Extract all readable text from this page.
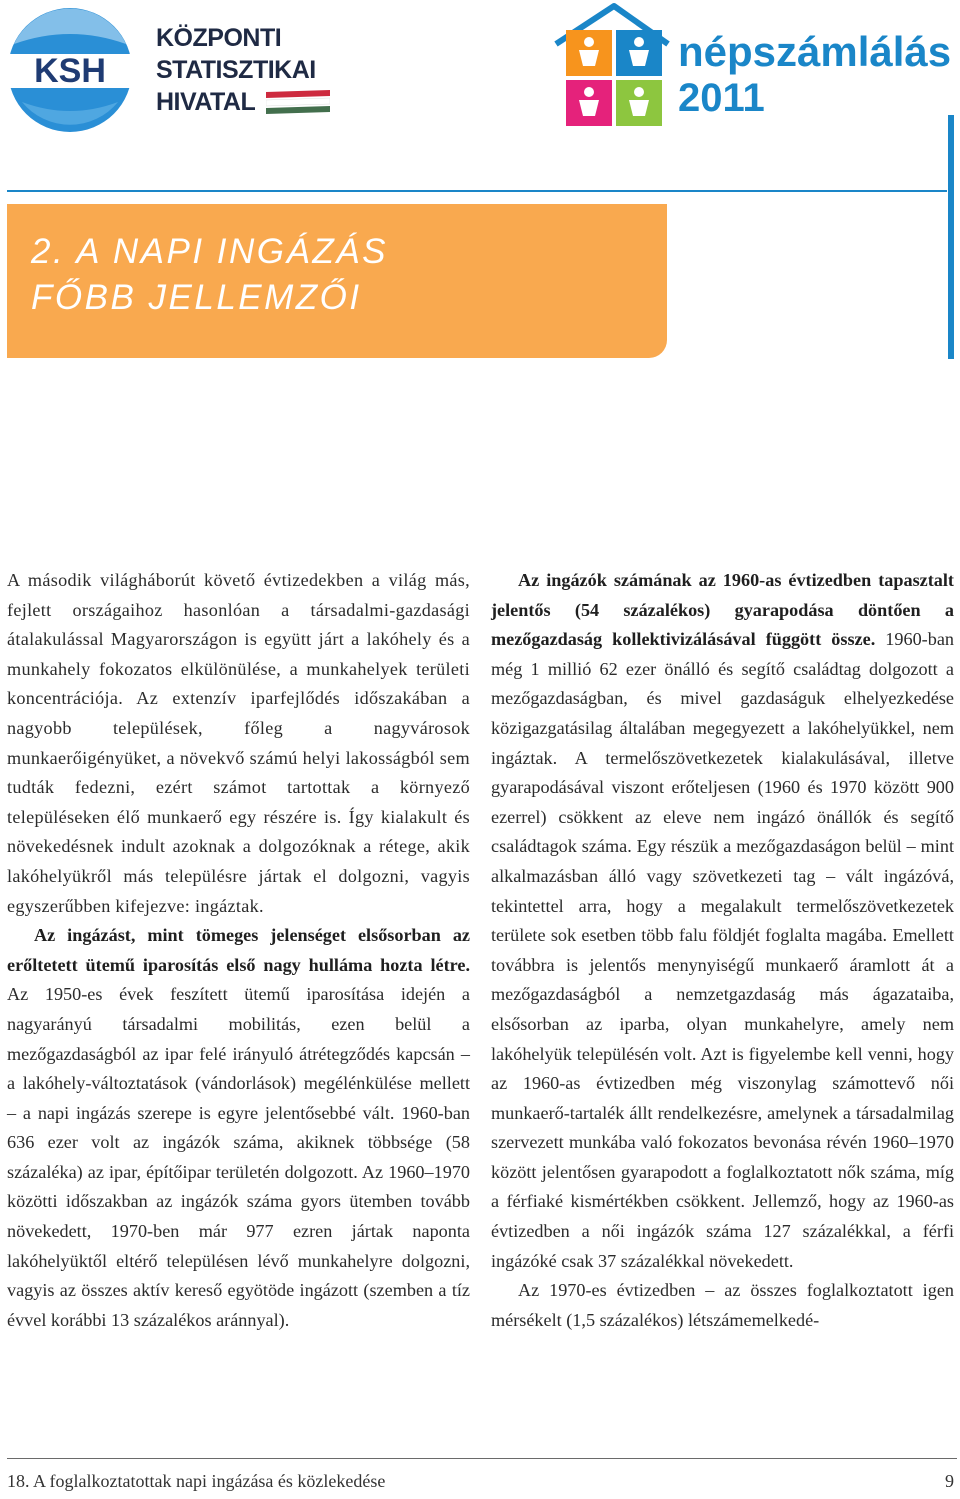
KSH
KÖZPONTI
STATISZTIKAI
HIVATAL
népszámlálás
2011
2. A NAPI INGÁZÁS
FŐBB JELLEMZŐI

A második világháborút követő évtizedekben a világ más, fejlett országaihoz hasonlóan a társadalmi-gazdasági átalakulással Magyarországon is együtt járt a lakóhely és a munkahely fokozatos elkülönülése, a munkahelyek területi koncentrációja. Az extenzív iparfejlődés időszakában a nagyobb települések, főleg a nagyvárosok munkaerőigényüket, a növekvő számú helyi lakosságból sem tudták fedezni, ezért számot tartottak a környező településeken élő munkaerő egy részére is. Így kialakult és növekedésnek indult azoknak a dolgozóknak a rétege, akik lakóhelyükről más településre jártak el dolgozni, vagyis egyszerűbben kifejezve: ingáztak.

Az ingázást, mint tömeges jelenséget elsősorban az erőltetett ütemű iparosítás első nagy hulláma hozta létre. Az 1950-es évek feszített ütemű iparosítása idején a nagyarányú társadalmi mobilitás, ezen belül a mezőgazdaságból az ipar felé irányuló átrétegződés kapcsán – a lakóhely-változtatások (vándorlások) megélénkülése mellett – a napi ingázás szerepe is egyre jelentősebbé vált. 1960-ban 636 ezer volt az ingázók száma, akiknek többsége (58 százaléka) az ipar, építőipar területén dolgozott. Az 1960–1970 közötti időszakban az ingázók száma gyors ütemben tovább növekedett, 1970-ben már 977 ezren jártak naponta lakóhelyüktől eltérő településen lévő munkahelyre dolgozni, vagyis az összes aktív kereső egyötöde ingázott (szemben a tíz évvel korábbi 13 százalékos aránnyal).

Az ingázók számának az 1960-as évtizedben tapasztalt jelentős (54 százalékos) gyarapodása döntően a mezőgazdaság kollektivizálásával függött össze. 1960-ban még 1 millió 62 ezer önálló és segítő családtag dolgozott a mezőgazdaságban, és mivel gazdaságuk elhelyezkedése közigazgatásilag általában megegyezett a lakóhelyükkel, nem ingáztak. A termelőszövetkezetek kialakulásával, illetve gyarapodásával viszont erőteljesen (1960 és 1970 között 900 ezerrel) csökkent az eleve nem ingázó önállók és segítő családtagok száma. Egy részük a mezőgazdaságon belül – mint alkalmazásban álló vagy szövetkezeti tag – vált ingázóvá, tekintettel arra, hogy a megalakult termelőszövetkezetek területe sok esetben több falu földjét foglalta magába. Emellett továbbra is jelentős menynyiségű munkaerő áramlott át a mezőgazdaságból a nemzetgazdaság más ágazataiba, elsősorban az iparba, olyan munkahelyre, amely nem lakóhelyük településén volt. Azt is figyelembe kell venni, hogy az 1960-as évtizedben még viszonylag számottevő női munkaerő-tartalék állt rendelkezésre, amelynek a társadalmilag szervezett munkába való fokozatos bevonása révén 1960–1970 között jelentősen gyarapodott a foglalkoztatott nők száma, míg a férfiaké kismértékben csökkent. Jellemző, hogy az 1960-as évtizedben a női ingázók száma 127 százalékkal, a férfi ingázóké csak 37 százalékkal növekedett.

Az 1970-es évtizedben – az összes foglalkoztatott igen mérsékelt (1,5 százalékos) létszámemelkedé-

18. A foglalkoztatottak napi ingázása és közlekedése	9
